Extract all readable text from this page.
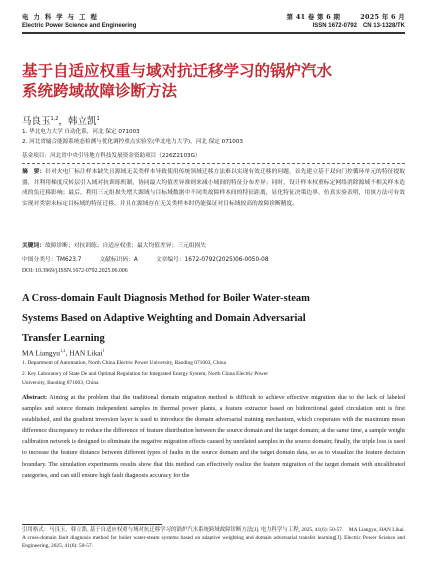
电 力 科 学 与 工 程	第 41 卷 第 6 期　　　2025 年 6 月
Electric Power Science and Engineering	ISSN 1672-0792　CN 13-1328/TK
基于自适应权重与域对抗迁移学习的锅炉汽水
系统跨域故障诊断方法
马良玉$^{1,2}$，韩立凯$^1$
1. 华北电力大学 自动化系，河北 保定 071003
2. 河北省输合能源系统态检测与优化调控重点实验室(华北电力大学)，河北 保定 071003
基金项目：河北省中央引导地方科技发展资金资助项目（226Z2103G）
摘　要：针对火电厂标注样本缺失且源域无关类样本导致使用传统领域迁移方法难以实现有效迁移的问题，首先建立基于双向门控循环单元的特征提取器，并利用梯度反转层引入域对抗训练机制，协同最大均值差异准则来减小域间的特征分布差异；同时，设计样本权重标定网络消除源域不相关样本造成的负迁移影响；最后，利用三元组损失增大源域与目标域数据中不同类故障样本间的特征距离，显化特征决策边界，仿真实验表明，用该方法可有效实现对类别未标定目标域的特征迁移，并且在源域存在无关类样本时仍能保证对目标域较高的故障诊断精度。
关键词：故障诊断；对抗训练；自适应权重；最大均值差异；三元组损失
中图分类号：TM623.7	文献标识码：A	文章编号：1672-0792(2025)06-0050-08
DOI: 10.3969/j.ISSN.1672-0792.2025.06.006
A Cross-domain Fault Diagnosis Method for Boiler Water-steam
Systems Based on Adaptive Weighting and Domain Adversarial
Transfer Learning
MA Liangyu$^{1,2}$, HAN Likai$^1$
1. Department of Automation, North China Electric Power University, Baoding 071003, China
2. Key Laboratory of State De and Optimal Regulation for Integrated Energy System, North China Electric Power
University, Baoding 071003, China
Abstract: Aiming at the problem that the traditional domain migration method is difficult to achieve effective migration due to the lack of labeled samples and source domain independent samples in thermal power plants, a feature extractor based on bidirectional gated circulation unit is first established, and the gradient inversion layer is used to introduce the domain adversarial training mechanism, which cooperates with the maximum mean difference discrepancy to reduce the difference of feature distribution between the source domain and the target domain; at the same time, a sample weight calibration network is designed to eliminate the negative migration effects caused by unrelated samples in the source domain; finally, the triple loss is used to increase the feature distance between different types of faults in the source domain and the target domain data, so as to visualize the feature decision boundary. The simulation experiments results show that this method can effectively realize the feature migration of the target domain with uncalibrated categories, and can still ensure high fault diagnosis accuracy for the
引用格式：马良玉，韩立凯. 基于自适应权重与域对抗迁移学习的锅炉汽水系统跨域故障诊断方法[J]. 电力科学与工程, 2025, 41(6): 50-57.　MA Liangyu, HAN Likai. A cross-domain fault diagnosis method for boiler water-steam systems based on adaptive weighting and domain adversarial transfer learning[J]. Electric Power Science and Engineering, 2025, 41(6): 50-57.
